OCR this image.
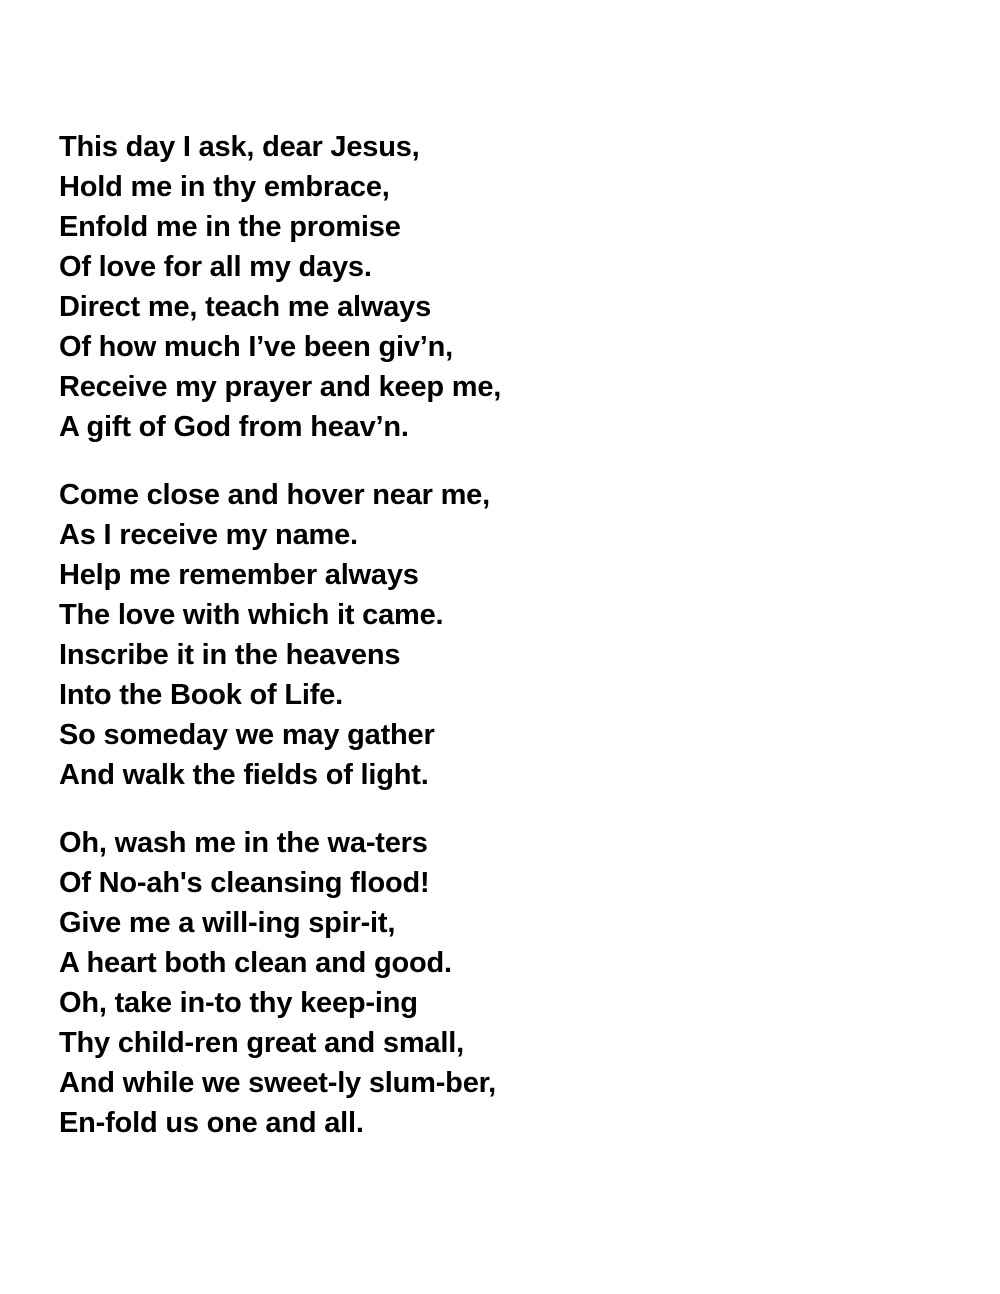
This day I ask, dear Jesus,
Hold me in thy embrace,
Enfold me in the promise
Of love for all my days.
Direct me, teach me always
Of how much I’ve been giv’n,
Receive my prayer and keep me,
A gift of God from heav’n.
Come close and hover near me,
As I receive my name.
Help me remember always
The love with which it came.
Inscribe it in the heavens
Into the Book of Life.
So someday we may gather
And walk the fields of light.
Oh, wash me in the wa-ters
Of No-ah's cleansing flood!
Give me a will-ing spir-it,
A heart both clean and good.
Oh, take in-to thy keep-ing
Thy child-ren great and small,
And while we sweet-ly slum-ber,
En-fold us one and all.
